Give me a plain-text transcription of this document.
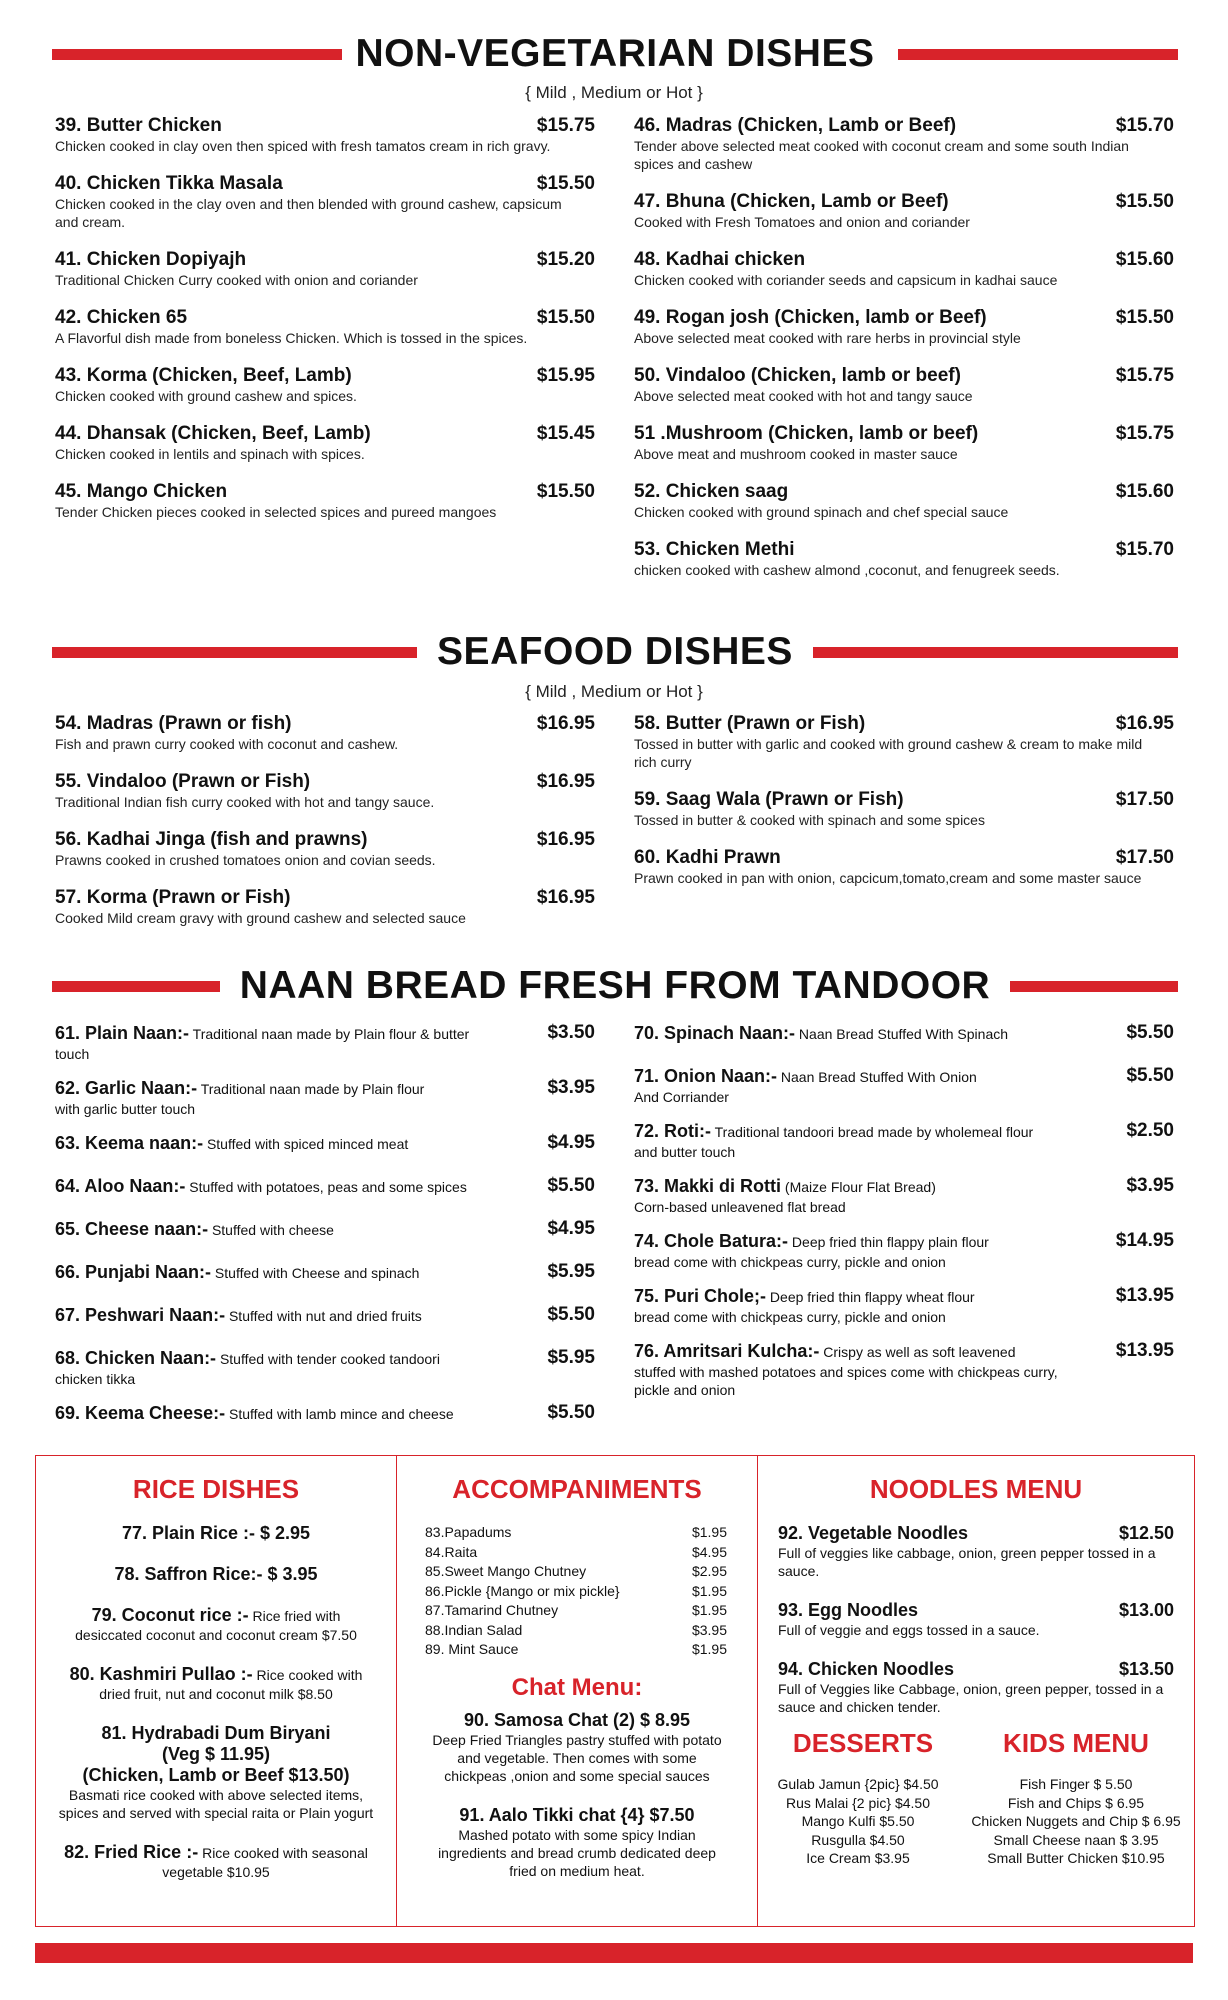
NON-VEGETARIAN DISHES
{ Mild , Medium or Hot }
39. Butter Chicken	$15.75
Chicken cooked in clay oven then spiced with fresh tamatos cream in rich gravy.
40. Chicken Tikka Masala	$15.50
Chicken cooked in the clay oven and then blended with ground cashew, capsicum and cream.
41. Chicken Dopiyajh	$15.20
Traditional Chicken Curry cooked with onion and coriander
42. Chicken 65	$15.50
A Flavorful dish made from boneless Chicken. Which is tossed in the spices.
43. Korma (Chicken, Beef, Lamb)	$15.95
Chicken cooked with ground cashew and spices.
44. Dhansak (Chicken, Beef, Lamb)	$15.45
Chicken cooked in lentils and spinach with spices.
45. Mango Chicken	$15.50
Tender Chicken pieces cooked in selected spices and pureed mangoes
46. Madras (Chicken, Lamb or Beef)	$15.70
Tender above selected meat cooked with coconut cream and some south Indian spices and cashew
47. Bhuna (Chicken, Lamb or Beef)	$15.50
Cooked with Fresh Tomatoes and onion and coriander
48. Kadhai chicken	$15.60
Chicken cooked with coriander seeds and capsicum in kadhai sauce
49. Rogan josh (Chicken, lamb or Beef)	$15.50
Above selected meat cooked with rare herbs in provincial style
50. Vindaloo (Chicken, lamb or beef)	$15.75
Above selected meat cooked with hot and tangy sauce
51 .Mushroom (Chicken, lamb or beef)	$15.75
Above meat and mushroom cooked in master sauce
52. Chicken saag	$15.60
Chicken cooked with ground spinach and chef special sauce
53. Chicken Methi	$15.70
chicken cooked with cashew almond ,coconut, and fenugreek seeds.
SEAFOOD DISHES
{ Mild , Medium or Hot }
54. Madras (Prawn or fish)	$16.95
Fish and prawn curry cooked with coconut and cashew.
55. Vindaloo (Prawn or Fish)	$16.95
Traditional Indian fish curry cooked with hot and tangy sauce.
56. Kadhai Jinga (fish and prawns)	$16.95
Prawns cooked in crushed tomatoes onion and covian seeds.
57. Korma (Prawn or Fish)	$16.95
Cooked Mild cream gravy with ground cashew and selected sauce
58. Butter (Prawn or Fish)	$16.95
Tossed in butter with garlic and cooked with ground cashew & cream to make mild rich curry
59. Saag Wala (Prawn or Fish)	$17.50
Tossed in butter & cooked with spinach and some spices
60. Kadhi Prawn	$17.50
Prawn cooked in pan with onion, capcicum,tomato,cream and some master sauce
NAAN BREAD FRESH FROM TANDOOR
61. Plain Naan:- Traditional naan made by Plain flour & butter	$3.50
touch
62. Garlic Naan:- Traditional naan made by Plain flour	$3.95
with garlic butter touch
63. Keema naan:- Stuffed with spiced minced meat	$4.95
64. Aloo Naan:- Stuffed with potatoes, peas and some spices	$5.50
65. Cheese naan:- Stuffed with cheese	$4.95
66. Punjabi Naan:- Stuffed with Cheese and spinach	$5.95
67. Peshwari Naan:- Stuffed with nut and dried fruits	$5.50
68. Chicken Naan:- Stuffed with tender cooked tandoori	$5.95
chicken tikka
69. Keema Cheese:- Stuffed with lamb mince and cheese	$5.50
70. Spinach Naan:- Naan Bread Stuffed With Spinach	$5.50
71. Onion Naan:- Naan Bread Stuffed With Onion	$5.50
And Corriander
72. Roti:- Traditional tandoori bread made by wholemeal flour	$2.50
and butter touch
73. Makki di Rotti (Maize Flour Flat Bread)	$3.95
Corn-based unleavened flat bread
74. Chole Batura:- Deep fried thin flappy plain flour	$14.95
bread come with chickpeas curry, pickle and onion
75. Puri Chole;- Deep fried thin flappy wheat flour	$13.95
bread come with chickpeas curry, pickle and onion
76. Amritsari Kulcha:- Crispy as well as soft leavened	$13.95
stuffed with mashed potatoes and spices come with chickpeas curry, pickle and onion
RICE DISHES
77. Plain Rice :- $ 2.95
78. Saffron Rice:- $ 3.95
79. Coconut rice :- Rice fried with
desiccated coconut and coconut cream $7.50
80. Kashmiri Pullao :- Rice cooked with
dried fruit, nut and coconut milk $8.50
81. Hydrabadi Dum Biryani
(Veg $ 11.95)
(Chicken, Lamb or Beef $13.50)
Basmati rice cooked with above selected items, spices and served with special raita or Plain yogurt
82. Fried Rice :- Rice cooked with seasonal
vegetable $10.95
ACCOMPANIMENTS
83.Papadums	$1.95
84.Raita	$4.95
85.Sweet Mango Chutney	$2.95
86.Pickle {Mango or mix pickle}	$1.95
87.Tamarind Chutney	$1.95
88.Indian Salad	$3.95
89. Mint Sauce	$1.95
Chat Menu:
90. Samosa Chat (2) $ 8.95
Deep Fried Triangles pastry stuffed with potato and vegetable. Then comes with some chickpeas ,onion and some special sauces
91. Aalo Tikki chat {4} $7.50
Mashed potato with some spicy Indian ingredients and bread crumb dedicated deep fried on medium heat.
NOODLES MENU
92. Vegetable Noodles	$12.50
Full of veggies like cabbage, onion, green pepper tossed in a sauce.
93. Egg Noodles	$13.00
Full of veggie and eggs tossed in a sauce.
94. Chicken Noodles	$13.50
Full of Veggies like Cabbage, onion, green pepper, tossed in a sauce and chicken tender.
DESSERTS
Gulab Jamun {2pic} $4.50
Rus Malai {2 pic} $4.50
Mango Kulfi $5.50
Rusgulla $4.50
Ice Cream $3.95
KIDS MENU
Fish Finger $ 5.50
Fish and Chips $ 6.95
Chicken Nuggets and Chip $ 6.95
Small Cheese naan $ 3.95
Small Butter Chicken $10.95
